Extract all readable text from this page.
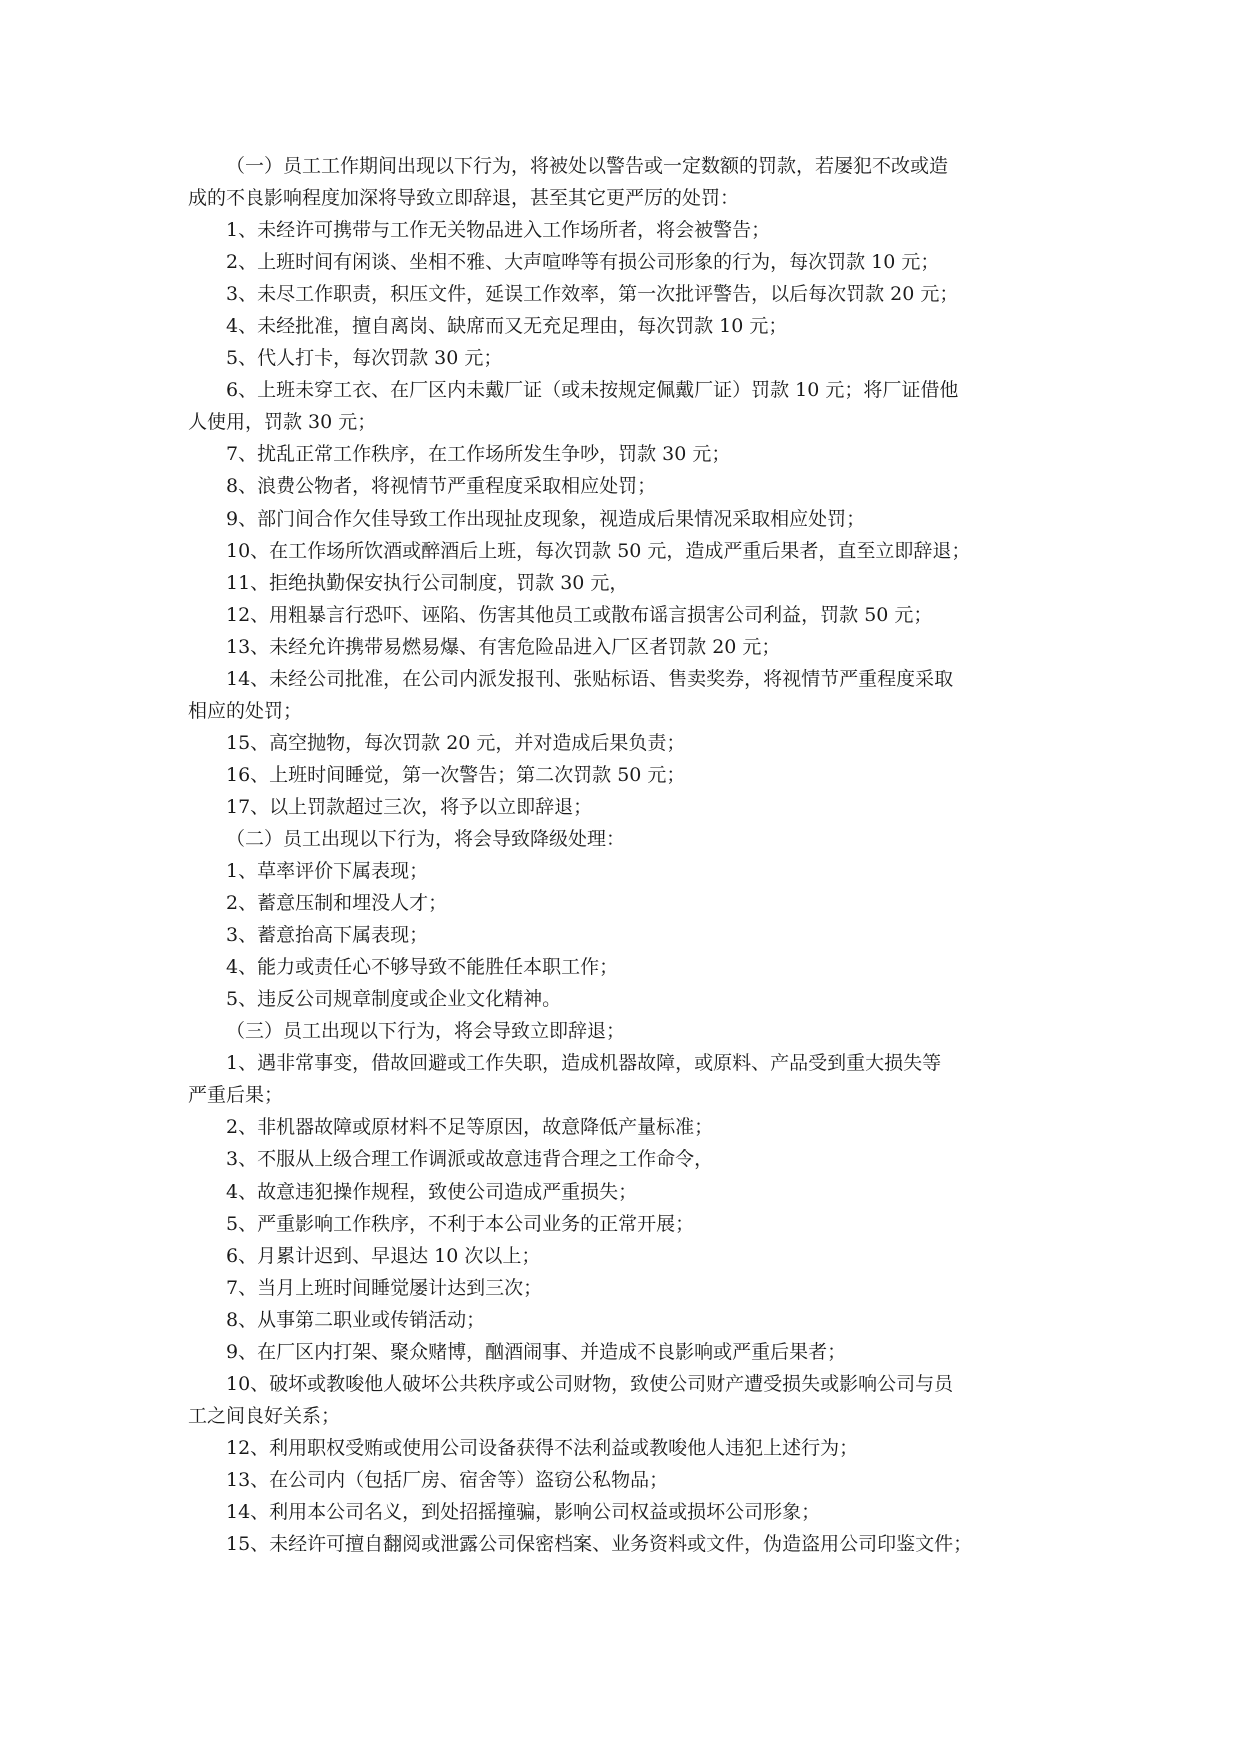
（一）员工工作期间出现以下行为，将被处以警告或一定数额的罚款，若屡犯不改或造
成的不良影响程度加深将导致立即辞退，甚至其它更严厉的处罚：
1、未经许可携带与工作无关物品进入工作场所者，将会被警告；
2、上班时间有闲谈、坐相不雅、大声喧哗等有损公司形象的行为，每次罚款 10 元；
3、未尽工作职责，积压文件，延误工作效率，第一次批评警告，以后每次罚款 20 元；
4、未经批准，擅自离岗、缺席而又无充足理由，每次罚款 10 元；
5、代人打卡，每次罚款 30 元；
6、上班未穿工衣、在厂区内未戴厂证（或未按规定佩戴厂证）罚款 10 元；将厂证借他
人使用，罚款 30 元；
7、扰乱正常工作秩序，在工作场所发生争吵，罚款 30 元；
8、浪费公物者，将视情节严重程度采取相应处罚；
9、部门间合作欠佳导致工作出现扯皮现象，视造成后果情况采取相应处罚；
10、在工作场所饮酒或醉酒后上班，每次罚款 50 元，造成严重后果者，直至立即辞退；
11、拒绝执勤保安执行公司制度，罚款 30 元，
12、用粗暴言行恐吓、诬陷、伤害其他员工或散布谣言损害公司利益，罚款 50 元；
13、未经允许携带易燃易爆、有害危险品进入厂区者罚款 20 元；
14、未经公司批准，在公司内派发报刊、张贴标语、售卖奖券，将视情节严重程度采取
相应的处罚；
15、高空抛物，每次罚款 20 元，并对造成后果负责；
16、上班时间睡觉，第一次警告；第二次罚款 50 元；
17、以上罚款超过三次，将予以立即辞退；
（二）员工出现以下行为，将会导致降级处理：
1、草率评价下属表现；
2、蓄意压制和埋没人才；
3、蓄意抬高下属表现；
4、能力或责任心不够导致不能胜任本职工作；
5、违反公司规章制度或企业文化精神。
（三）员工出现以下行为，将会导致立即辞退；
1、遇非常事变，借故回避或工作失职，造成机器故障，或原料、产品受到重大损失等
严重后果；
2、非机器故障或原材料不足等原因，故意降低产量标准；
3、不服从上级合理工作调派或故意违背合理之工作命令，
4、故意违犯操作规程，致使公司造成严重损失；
5、严重影响工作秩序，不利于本公司业务的正常开展；
6、月累计迟到、早退达 10 次以上；
7、当月上班时间睡觉屡计达到三次；
8、从事第二职业或传销活动；
9、在厂区内打架、聚众赌博，酗酒闹事、并造成不良影响或严重后果者；
10、破坏或教唆他人破坏公共秩序或公司财物，致使公司财产遭受损失或影响公司与员
工之间良好关系；
12、利用职权受贿或使用公司设备获得不法利益或教唆他人违犯上述行为；
13、在公司内（包括厂房、宿舍等）盗窃公私物品；
14、利用本公司名义，到处招摇撞骗，影响公司权益或损坏公司形象；
15、未经许可擅自翻阅或泄露公司保密档案、业务资料或文件，伪造盗用公司印鉴文件；
